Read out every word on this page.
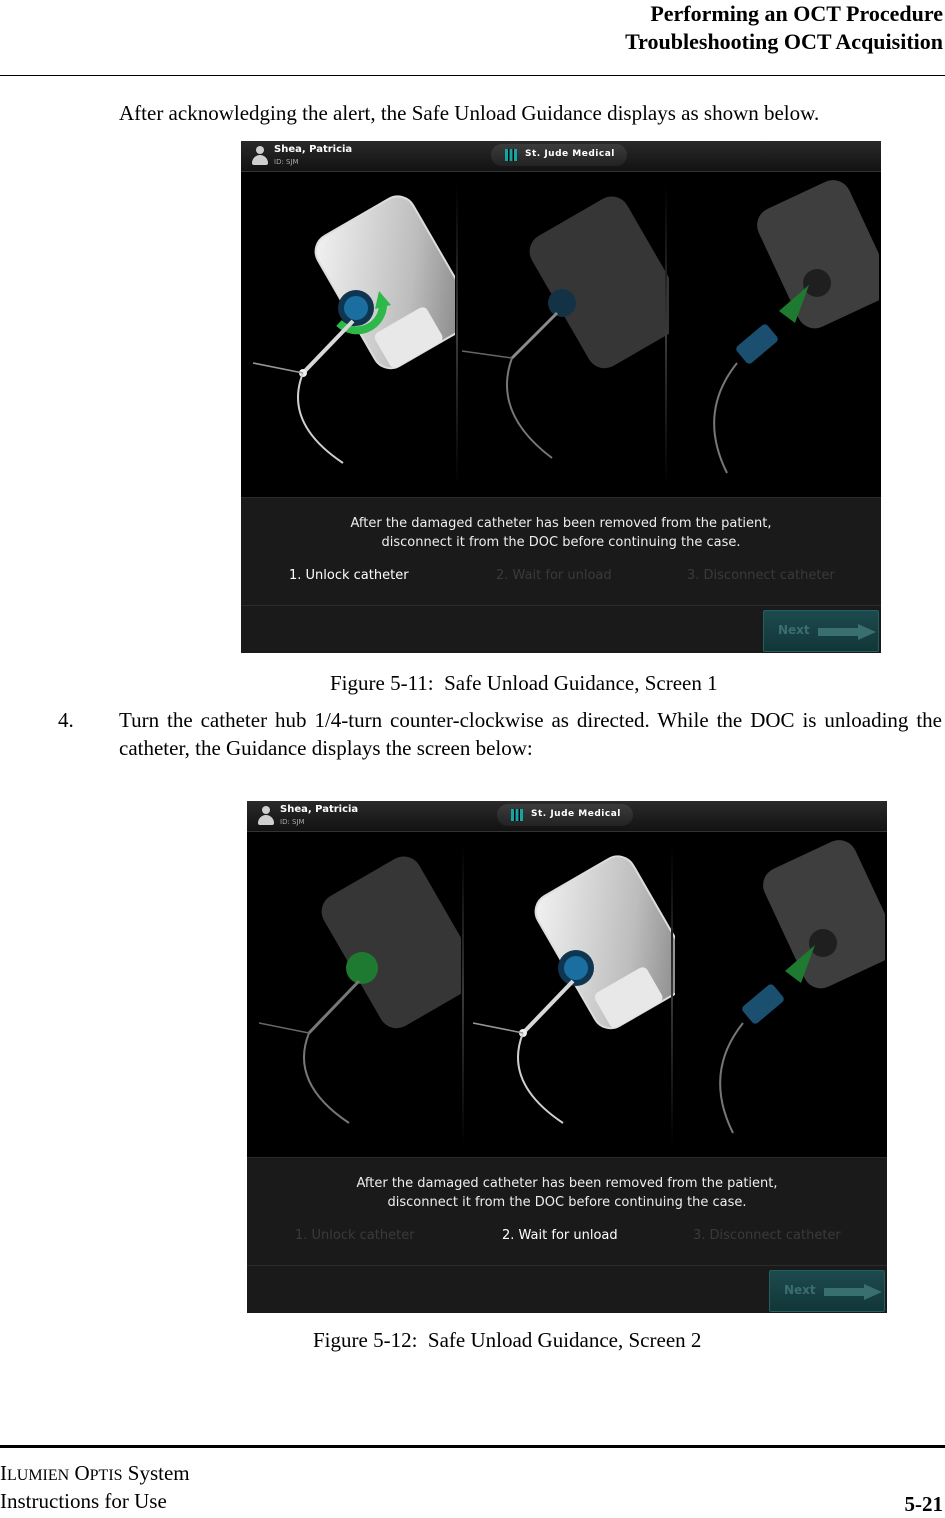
Performing an OCT Procedure
Troubleshooting OCT Acquisition
After acknowledging the alert, the Safe Unload Guidance displays as shown below.
Shea, Patricia
ID: SJM
St. Jude Medical
After the damaged catheter has been removed from the patient,
disconnect it from the DOC before continuing the case.
1. Unlock catheter	2. Wait for unload	3. Disconnect catheter
Next
Figure 5-11:  Safe Unload Guidance, Screen 1
4. Turn the catheter hub 1/4-turn counter-clockwise as directed. While the DOC is unloading the catheter, the Guidance displays the screen below:
Shea, Patricia
ID: SJM
St. Jude Medical
After the damaged catheter has been removed from the patient,
disconnect it from the DOC before continuing the case.
1. Unlock catheter	2. Wait for unload	3. Disconnect catheter
Next
Figure 5-12:  Safe Unload Guidance, Screen 2
ILUMIEN OPTIS System
Instructions for Use	5-21
